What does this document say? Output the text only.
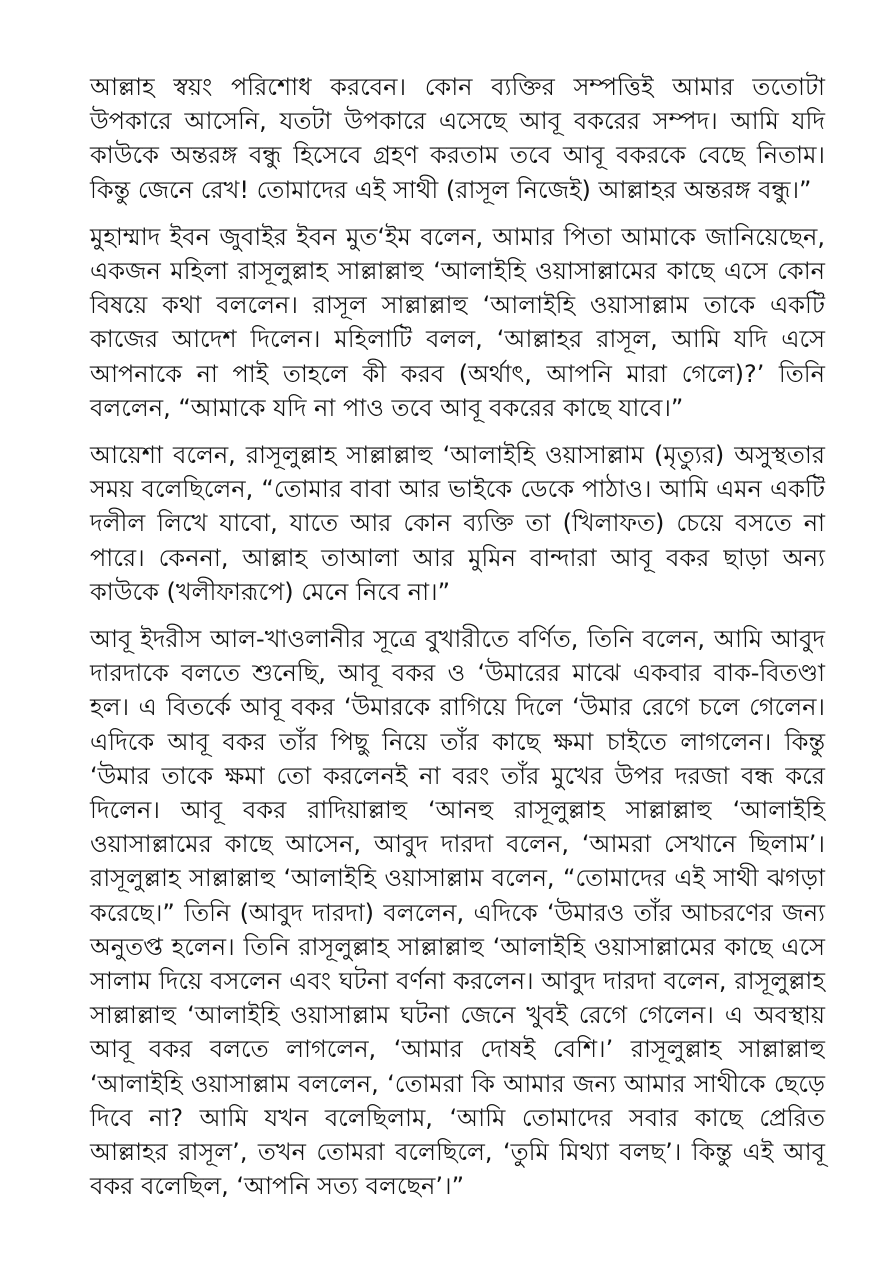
আল্লাহ স্বয়ং পরিশোধ করবেন। কোন ব্যক্তির সম্পত্তিই আমার ততোটা উপকারে আসেনি, যতটা উপকারে এসেছে আবূ বকরের সম্পদ। আমি যদি কাউকে অন্তরঙ্গ বন্ধু হিসেবে গ্রহণ করতাম তবে আবূ বকরকে বেছে নিতাম। কিন্তু জেনে রেখ! তোমাদের এই সাথী (রাসূল নিজেই) আল্লাহর অন্তরঙ্গ বন্ধু।”

মুহাম্মাদ ইবন জুবাইর ইবন মুত‘ইম বলেন, আমার পিতা আমাকে জানিয়েছেন, একজন মহিলা রাসূলুল্লাহ সাল্লাল্লাহু ‘আলাইহি ওয়াসাল্লামের কাছে এসে কোন বিষয়ে কথা বললেন। রাসূল সাল্লাল্লাহু ‘আলাইহি ওয়াসাল্লাম তাকে একটি কাজের আদেশ দিলেন। মহিলাটি বলল, ‘আল্লাহর রাসূল, আমি যদি এসে আপনাকে না পাই তাহলে কী করব (অর্থাৎ, আপনি মারা গেলে)?’ তিনি বললেন, “আমাকে যদি না পাও তবে আবূ বকরের কাছে যাবে।”

আয়েশা বলেন, রাসূলুল্লাহ সাল্লাল্লাহু ‘আলাইহি ওয়াসাল্লাম (মৃত্যুর) অসুস্থতার সময় বলেছিলেন, “তোমার বাবা আর ভাইকে ডেকে পাঠাও। আমি এমন একটি দলীল লিখে যাবো, যাতে আর কোন ব্যক্তি তা (খিলাফত) চেয়ে বসতে না পারে। কেননা, আল্লাহ তাআলা আর মুমিন বান্দারা আবূ বকর ছাড়া অন্য কাউকে (খলীফারূপে) মেনে নিবে না।”

আবূ ইদরীস আল-খাওলানীর সূত্রে বুখারীতে বর্ণিত, তিনি বলেন, আমি আবুদ দারদাকে বলতে শুনেছি, আবূ বকর ও ‘উমারের মাঝে একবার বাক-বিতণ্ডা হল। এ বিতর্কে আবূ বকর ‘উমারকে রাগিয়ে দিলে ‘উমার রেগে চলে গেলেন। এদিকে আবূ বকর তাঁর পিছু নিয়ে তাঁর কাছে ক্ষমা চাইতে লাগলেন। কিন্তু ‘উমার তাকে ক্ষমা তো করলেনই না বরং তাঁর মুখের উপর দরজা বন্ধ করে দিলেন। আবূ বকর রাদিয়াল্লাহু ‘আনহু রাসূলুল্লাহ সাল্লাল্লাহু ‘আলাইহি ওয়াসাল্লামের কাছে আসেন, আবুদ দারদা বলেন, ‘আমরা সেখানে ছিলাম’। রাসূলুল্লাহ সাল্লাল্লাহু ‘আলাইহি ওয়াসাল্লাম বলেন, “তোমাদের এই সাথী ঝগড়া করেছে।” তিনি (আবুদ দারদা) বললেন, এদিকে ‘উমারও তাঁর আচরণের জন্য অনুতপ্ত হলেন। তিনি রাসূলুল্লাহ সাল্লাল্লাহু ‘আলাইহি ওয়াসাল্লামের কাছে এসে সালাম দিয়ে বসলেন এবং ঘটনা বর্ণনা করলেন। আবুদ দারদা বলেন, রাসূলুল্লাহ সাল্লাল্লাহু ‘আলাইহি ওয়াসাল্লাম ঘটনা জেনে খুবই রেগে গেলেন। এ অবস্থায় আবূ বকর বলতে লাগলেন, ‘আমার দোষই বেশি।’ রাসূলুল্লাহ সাল্লাল্লাহু ‘আলাইহি ওয়াসাল্লাম বললেন, ‘তোমরা কি আমার জন্য আমার সাথীকে ছেড়ে দিবে না? আমি যখন বলেছিলাম, ‘আমি তোমাদের সবার কাছে প্রেরিত আল্লাহর রাসূল’, তখন তোমরা বলেছিলে, ‘তুমি মিথ্যা বলছ’। কিন্তু এই আবূ বকর বলেছিল, ‘আপনি সত্য বলছেন’।”
